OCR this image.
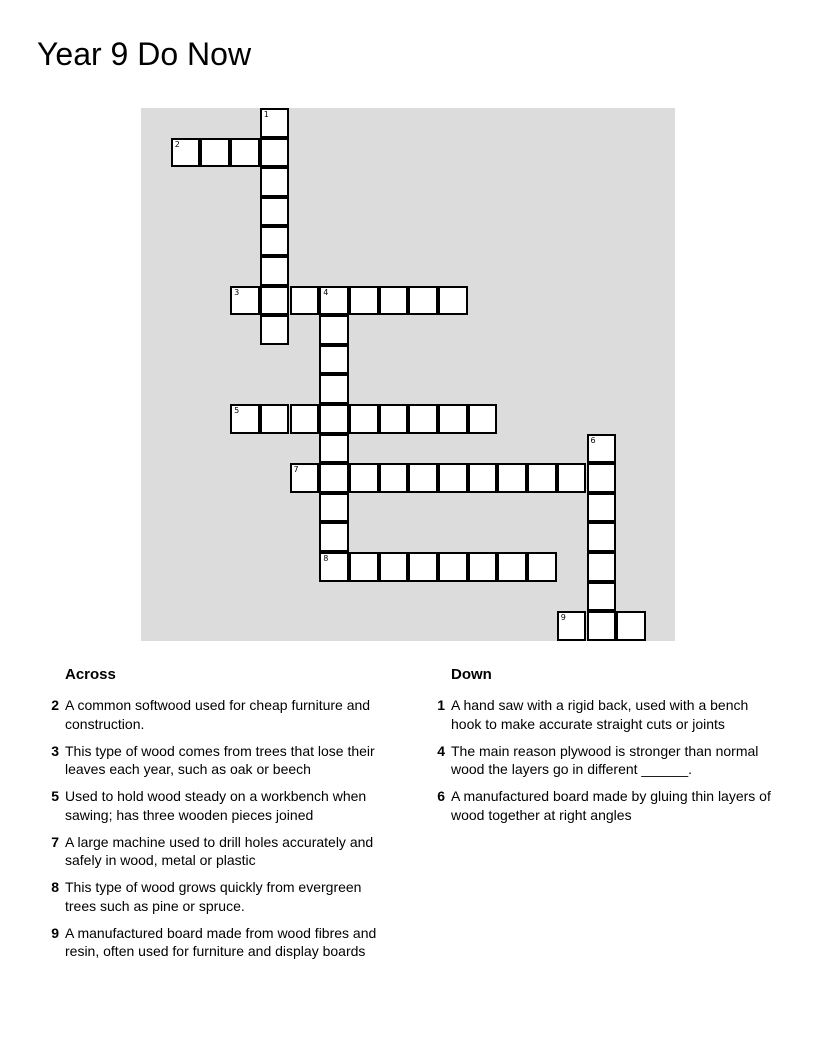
Year 9 Do Now
1
2
3	4
5
6
7
8
9
Across
2 A common softwood used for cheap furniture and construction.
3 This type of wood comes from trees that lose their leaves each year, such as oak or beech
5 Used to hold wood steady on a workbench when sawing; has three wooden pieces joined
7 A large machine used to drill holes accurately and safely in wood, metal or plastic
8 This type of wood grows quickly from evergreen trees such as pine or spruce.
9 A manufactured board made from wood fibres and resin, often used for furniture and display boards
Down
1 A hand saw with a rigid back, used with a bench hook to make accurate straight cuts or joints
4 The main reason plywood is stronger than normal wood the layers go in different ______.
6 A manufactured board made by gluing thin layers of wood together at right angles
